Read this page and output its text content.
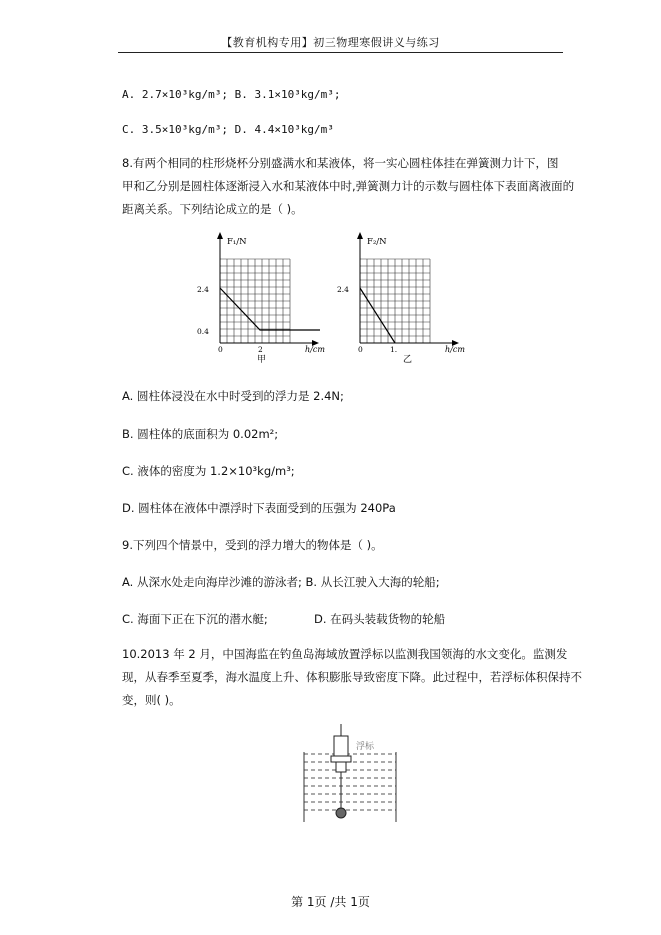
【教育机构专用】初三物理寒假讲义与练习
A. 2.7×10³kg/m³; B. 3.1×10³kg/m³;
C. 3.5×10³kg/m³; D. 4.4×10³kg/m³
8.有两个相同的柱形烧杯分别盛满水和某液体，将一实心圆柱体挂在弹簧测力计下，图
甲和乙分别是圆柱体逐渐浸入水和某液体中时,弹簧测力计的示数与圆柱体下表面离液面的
距离关系。下列结论成立的是（ )。
F₁/N
2.4
0.4
0	2	h/cm
甲
F₂/N
2.4
0	1.	h/cm
乙
A. 圆柱体浸没在水中时受到的浮力是 2.4N;
B. 圆柱体的底面积为 0.02m²;
C. 液体的密度为 1.2×10³kg/m³;
D. 圆柱体在液体中漂浮时下表面受到的压强为 240Pa
9.下列四个情景中，受到的浮力增大的物体是（ )。
A. 从深水处走向海岸沙滩的游泳者; B. 从长江驶入大海的轮船;
C. 海面下正在下沉的潜水艇;	D. 在码头装载货物的轮船
10.2013 年 2 月，中国海监在钓鱼岛海域放置浮标以监测我国领海的水文变化。监测发
现，从春季至夏季，海水温度上升、体积膨胀导致密度下降。此过程中，若浮标体积保持不
变，则( )。
浮标
第 1页 /共 1页
